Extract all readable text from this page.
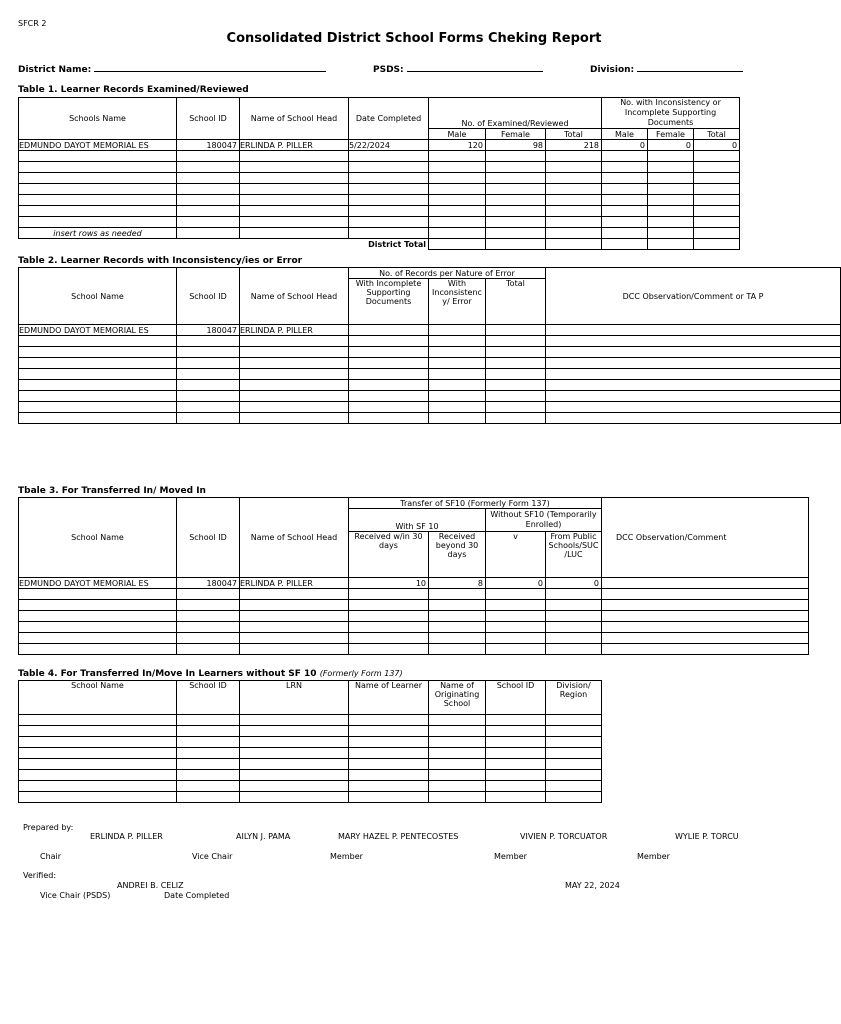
SFCR 2
Consolidated District School Forms Cheking Report
District Name:	PSDS:	Division:
Table 1. Learner Records Examined/Reviewed
Schools Name	School ID	Name of School Head	Date Completed	No. of Examined/Reviewed			No. with Inconsistency or Incomplete Supporting Documents		
				Male	Female	Total	Male	Female	Total
EDMUNDO DAYOT MEMORIAL ES	180047	ERLINDA P. PILLER	5/22/2024	120	98	218	0	0	0

insert rows as needed									
			District Total						
Table 2. Learner Records with Inconsistency/ies or Error
School Name	School ID	Name of School Head	No. of Records per Nature of Error			DCC Observation/Comment or TA P
			With Incomplete Supporting Documents	With Inconsistenc y/ Error	Total	
EDMUNDO DAYOT MEMORIAL ES	180047	ERLINDA P. PILLER				

Tbale 3. For Transferred In/ Moved In
School Name	School ID	Name of School Head	Transfer of SF10 (Formerly Form 137)				DCC Observation/Comment
			With SF 10		Without SF10 (Temporarily Enrolled)		
			Received w/in 30 days	Received beyond 30 days	v	From Public Schools/SUC /LUC	
EDMUNDO DAYOT MEMORIAL ES	180047	ERLINDA P. PILLER	10	8	0	0	

Table 4. For Transferred In/Move In Learners without SF 10 (Formerly Form 137)
School Name	School ID	LRN	Name of Learner	Name of Originating School	School ID	Division/ Region

Prepared by:
ERLINDA P. PILLER	AILYN J. PAMA	MARY HAZEL P. PENTECOSTES	VIVIEN P. TORCUATOR	WYLIE P. TORCU
Chair	Vice Chair	Member	Member	Member
Verified:
ANDREI B. CELIZ	MAY 22, 2024
Vice Chair (PSDS)	Date Completed
